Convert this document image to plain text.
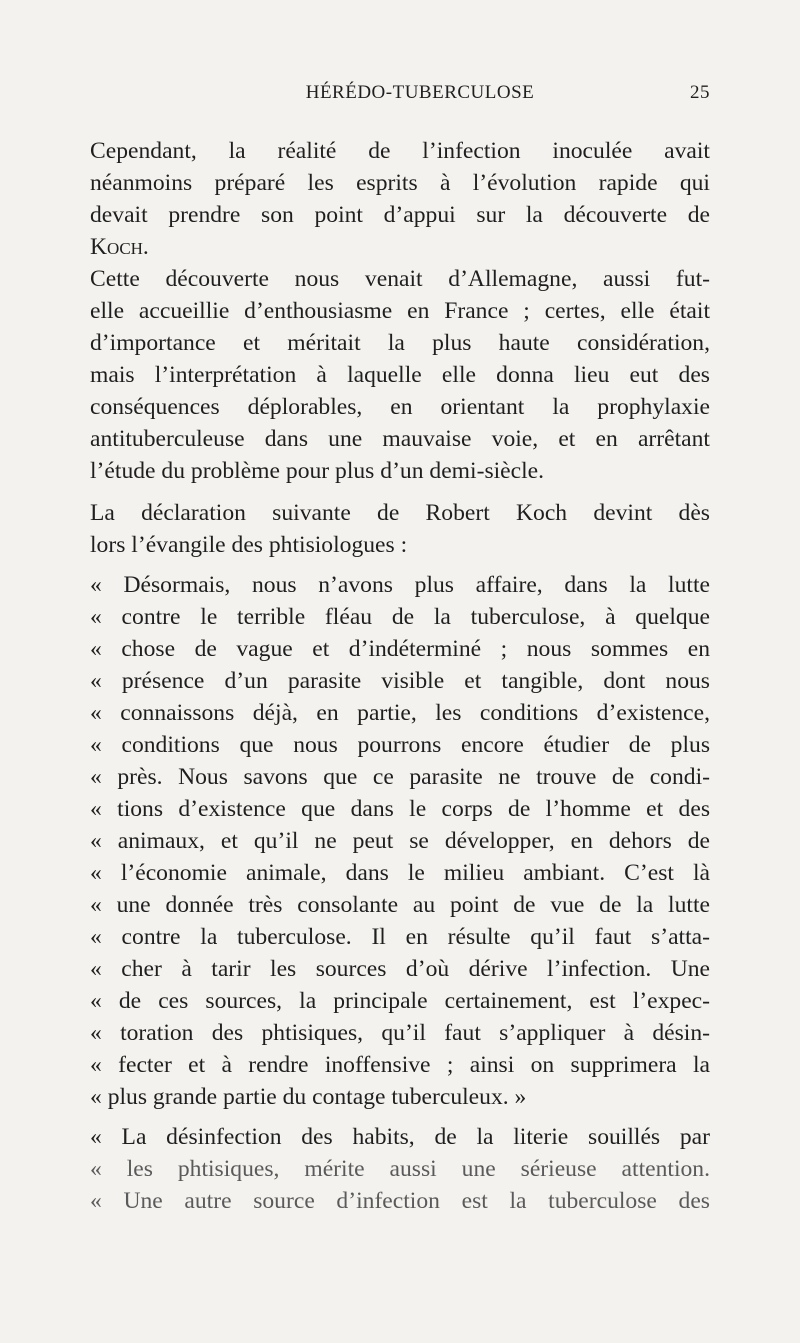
HÉRÉDO-TUBERCULOSE	25
Cependant, la réalité de l’infection inoculée avait
néanmoins préparé les esprits à l’évolution rapide qui
devait prendre son point d’appui sur la découverte de
Koch.
Cette découverte nous venait d’Allemagne, aussi fut-
elle accueillie d’enthousiasme en France ; certes, elle était
d’importance et méritait la plus haute considération,
mais l’interprétation à laquelle elle donna lieu eut des
conséquences déplorables, en orientant la prophylaxie
antituberculeuse dans une mauvaise voie, et en arrêtant
l’étude du problème pour plus d’un demi-siècle.
La déclaration suivante de Robert Koch devint dès
lors l’évangile des phtisiologues :
« Désormais, nous n’avons plus affaire, dans la lutte
« contre le terrible fléau de la tuberculose, à quelque
« chose de vague et d’indéterminé ; nous sommes en
« présence d’un parasite visible et tangible, dont nous
« connaissons déjà, en partie, les conditions d’existence,
« conditions que nous pourrons encore étudier de plus
« près. Nous savons que ce parasite ne trouve de condi-
« tions d’existence que dans le corps de l’homme et des
« animaux, et qu’il ne peut se développer, en dehors de
« l’économie animale, dans le milieu ambiant. C’est là
« une donnée très consolante au point de vue de la lutte
« contre la tuberculose. Il en résulte qu’il faut s’atta-
« cher à tarir les sources d’où dérive l’infection. Une
« de ces sources, la principale certainement, est l’expec-
« toration des phtisiques, qu’il faut s’appliquer à désin-
« fecter et à rendre inoffensive ; ainsi on supprimera la
« plus grande partie du contage tuberculeux. »
« La désinfection des habits, de la literie souillés par
« les phtisiques, mérite aussi une sérieuse attention.
« Une autre source d’infection est la tuberculose des
